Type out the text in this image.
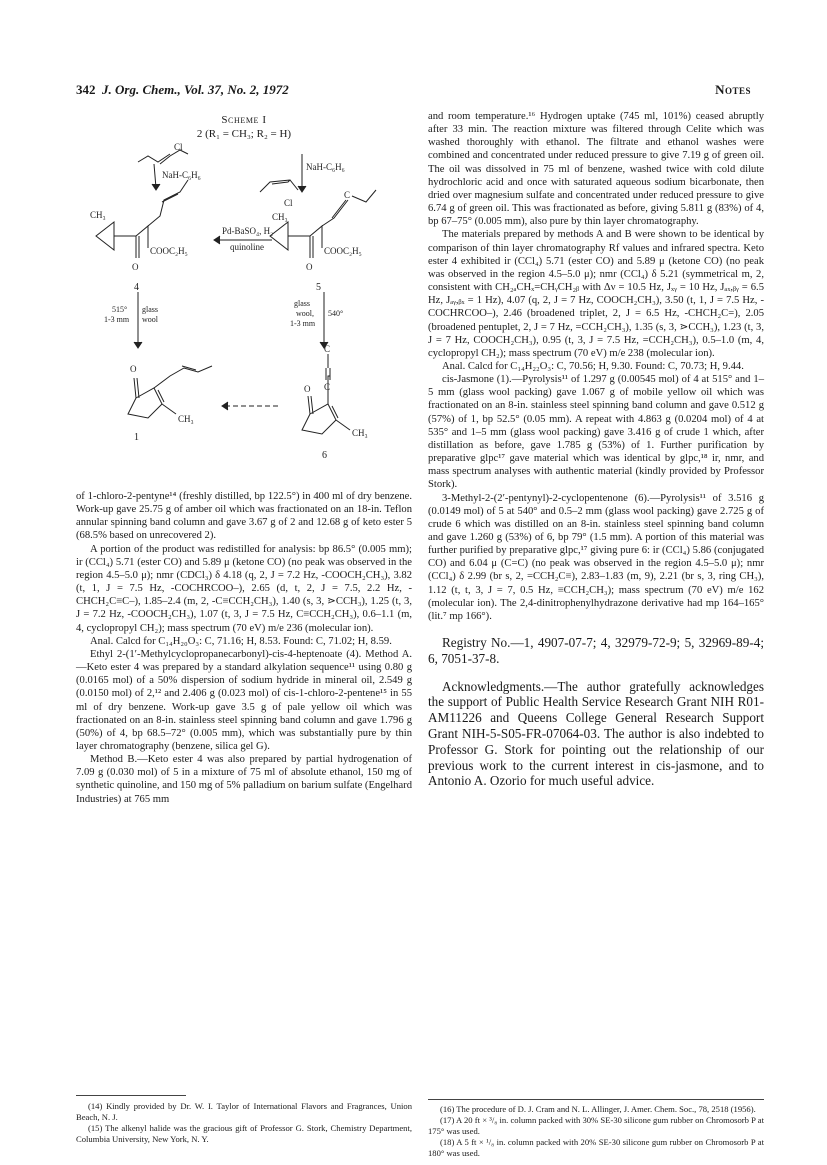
342 J. Org. Chem., Vol. 37, No. 2, 1972	Notes
Scheme I
2 (R₁ = CH₃; R₂ = H)
Cl
NaH-C₆H₆
NaH-C₆H₆
Cl
CH₃
COOC₂H₅
O
4
Pd-BaSO₄, H₂
quinoline
CH₃
COOC₂H₅
O
C
5
515° glass
1-3 mm wool
glass
wool, 540°
1-3 mm
O
CH₃
1
C
C
O
CH₃
6

of 1-chloro-2-pentyne¹⁴ (freshly distilled, bp 122.5°) in 400 ml of dry benzene. Work-up gave 25.75 g of amber oil which was fractionated on an 18-in. Teflon annular spinning band column and gave 3.67 g of 2 and 12.68 g of keto ester 5 (68.5% based on unrecovered 2).

A portion of the product was redistilled for analysis: bp 86.5° (0.005 mm); ir (CCl₄) 5.71 (ester CO) and 5.89 μ (ketone CO) (no peak was observed in the region 4.5–5.0 μ); nmr (CDCl₃) δ 4.18 (q, 2, J = 7.2 Hz, -COOCH₂CH₃), 3.82 (t, 1, J = 7.5 Hz, -COCHRCOO–), 2.65 (d, t, 2, J = 7.5, 2.2 Hz, -CHCH₂C≡C–), 1.85–2.4 (m, 2, -C≡CCH₂CH₃), 1.40 (s, 3, ⋗CCH₃), 1.25 (t, 3, J = 7.2 Hz, -COOCH₂CH₃), 1.07 (t, 3, J = 7.5 Hz, C≡CCH₂CH₃), 0.6–1.1 (m, 4, cyclopropyl CH₂); mass spectrum (70 eV) m/e 236 (molecular ion).

Anal. Calcd for C₁₄H₂₀O₃: C, 71.16; H, 8.53. Found: C, 71.02; H, 8.59.

Ethyl 2-(1′-Methylcyclopropanecarbonyl)-cis-4-heptenoate (4). Method A.—Keto ester 4 was prepared by a standard alkylation sequence¹¹ using 0.80 g (0.0165 mol) of a 50% dispersion of sodium hydride in mineral oil, 2.549 g (0.0150 mol) of 2,¹² and 2.406 g (0.023 mol) of cis-1-chloro-2-pentene¹⁵ in 55 ml of dry benzene. Work-up gave 3.5 g of pale yellow oil which was fractionated on an 8-in. stainless steel spinning band column and gave 1.796 g (50%) of 4, bp 68.5–72° (0.005 mm), which was substantially pure by thin layer chromatography (benzene, silica gel G).

Method B.—Keto ester 4 was also prepared by partial hydrogenation of 7.09 g (0.030 mol) of 5 in a mixture of 75 ml of absolute ethanol, 150 mg of synthetic quinoline, and 150 mg of 5% palladium on barium sulfate (Engelhard Industries) at 765 mm

and room temperature.¹⁶ Hydrogen uptake (745 ml, 101%) ceased abruptly after 33 min. The reaction mixture was filtered through Celite which was washed thoroughly with ethanol. The filtrate and ethanol washes were combined and concentrated under reduced pressure to give 7.19 g of green oil. The oil was dissolved in 75 ml of benzene, washed twice with cold dilute hydrochloric acid and once with saturated aqueous sodium bicarbonate, then dried over magnesium sulfate and concentrated under reduced pressure to give 6.74 g of green oil. This was fractionated as before, giving 5.811 g (83%) of 4, bp 67–75° (0.005 mm), also pure by thin layer chromatography.

The materials prepared by methods A and B were shown to be identical by comparison of thin layer chromatography Rf values and infrared spectra. Keto ester 4 exhibited ir (CCl₄) 5.71 (ester CO) and 5.89 μ (ketone CO) (no peak was observed in the region 4.5–5.0 μ); nmr (CCl₄) δ 5.21 (symmetrical m, 2, consistent with CH₂ₐCHₓ=CHᵧCH₂ᵦ with Δν = 10.5 Hz, Jₓᵧ = 10 Hz, Jₐₓ,ᵦᵧ = 6.5 Hz, Jₐᵧ,ᵦₓ = 1 Hz), 4.07 (q, 2, J = 7 Hz, COOCH₂CH₃), 3.50 (t, 1, J = 7.5 Hz, -COCHRCOO–), 2.46 (broadened triplet, 2, J = 6.5 Hz, -CHCH₂C=), 2.05 (broadened pentuplet, 2, J = 7 Hz, =CCH₂CH₃), 1.35 (s, 3, ⋗CCH₃), 1.23 (t, 3, J = 7 Hz, COOCH₂CH₃), 0.95 (t, 3, J = 7.5 Hz, =CCH₂CH₃), 0.5–1.0 (m, 4, cyclopropyl CH₂); mass spectrum (70 eV) m/e 238 (molecular ion).

Anal. Calcd for C₁₄H₂₂O₃: C, 70.56; H, 9.30. Found: C, 70.73; H, 9.44.

cis-Jasmone (1).—Pyrolysis¹¹ of 1.297 g (0.00545 mol) of 4 at 515° and 1–5 mm (glass wool packing) gave 1.067 g of mobile yellow oil which was fractionated on an 8-in. stainless steel spinning band column and gave 0.512 g (57%) of 1, bp 52.5° (0.05 mm). A repeat with 4.863 g (0.0204 mol) of 4 at 535° and 1–5 mm (glass wool packing) gave 3.416 g of crude 1 which, after distillation as before, gave 1.785 g (53%) of 1. Further purification by preparative glpc¹⁷ gave material which was identical by glpc,¹⁸ ir, nmr, and mass spectrum analyses with authentic material (kindly provided by Professor Stork).

3-Methyl-2-(2′-pentynyl)-2-cyclopentenone (6).—Pyrolysis¹¹ of 3.516 g (0.0149 mol) of 5 at 540° and 0.5–2 mm (glass wool packing) gave 2.725 g of crude 6 which was distilled on an 8-in. stainless steel spinning band column and gave 1.260 g (53%) of 6, bp 79° (1.5 mm). A portion of this material was further purified by preparative glpc,¹⁷ giving pure 6: ir (CCl₄) 5.86 (conjugated CO) and 6.04 μ (C=C) (no peak was observed in the region 4.5–5.0 μ); nmr (CCl₄) δ 2.99 (br s, 2, =CCH₂C≡), 2.83–1.83 (m, 9), 2.21 (br s, 3, ring CH₃), 1.12 (t, t, 3, J = 7, 0.5 Hz, ≡CCH₂CH₃); mass spectrum (70 eV) m/e 162 (molecular ion). The 2,4-dinitrophenylhydrazone derivative had mp 164–165° (lit.⁷ mp 166°).

Registry No.—1, 4907-07-7; 4, 32979-72-9; 5, 32969-89-4; 6, 7051-37-8.

Acknowledgments.—The author gratefully acknowledges the support of Public Health Service Research Grant NIH R01-AM11226 and Queens College General Research Support Grant NIH-5-S05-FR-07064-03. The author is also indebted to Professor G. Stork for pointing out the relationship of our previous work to the current interest in cis-jasmone, and to Antonio A. Ozorio for much useful advice.

(14) Kindly provided by Dr. W. I. Taylor of International Flavors and Fragrances, Union Beach, N. J.

(15) The alkenyl halide was the gracious gift of Professor G. Stork, Chemistry Department, Columbia University, New York, N. Y.

(16) The procedure of D. J. Cram and N. L. Allinger, J. Amer. Chem. Soc., 78, 2518 (1956).

(17) A 20 ft × ³/₈ in. column packed with 30% SE-30 silicone gum rubber on Chromosorb P at 175° was used.

(18) A 5 ft × ¹/₈ in. column packed with 20% SE-30 silicone gum rubber on Chromosorb P at 180° was used.
